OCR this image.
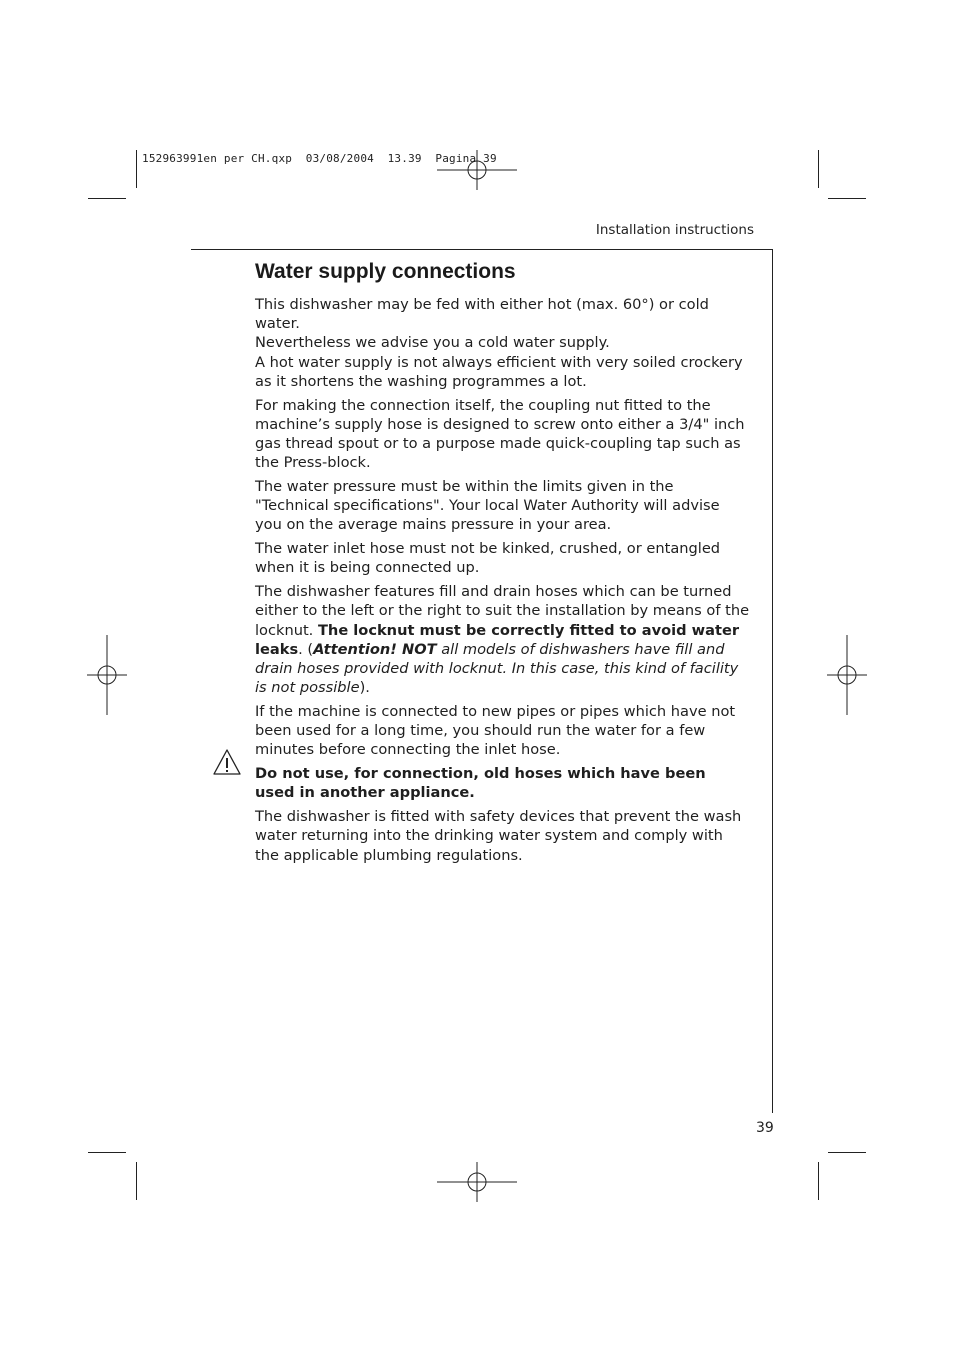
152963991en per CH.qxp  03/08/2004  13.39  Pagina 39
Installation instructions
Water supply connections

This dishwasher may be fed with either hot (max. 60°) or cold water.
Nevertheless we advise you a cold water supply.
A hot water supply is not always efficient with very soiled crockery as it shortens the washing programmes a lot.

For making the connection itself, the coupling nut fitted to the machine’s supply hose is designed to screw onto either a 3/4" inch gas thread spout or to a purpose made quick-coupling tap such as the Press-block.

The water pressure must be within the limits given in the "Technical specifications". Your local Water Authority will advise you on the average mains pressure in your area.

The water inlet hose must not be kinked, crushed, or entangled when it is being connected up.

The dishwasher features fill and drain hoses which can be turned either to the left or the right to suit the installation by means of the locknut. The locknut must be correctly fitted to avoid water leaks. (Attention! NOT all models of dishwashers have fill and drain hoses provided with locknut. In this case, this kind of facility is not possible).

If the machine is connected to new pipes or pipes which have not been used for a long time, you should run the water for a few minutes before connecting the inlet hose.

Do not use, for connection, old hoses which have been used in another appliance.

The dishwasher is fitted with safety devices that prevent the wash water returning into the drinking water system and comply with the applicable plumbing regulations.

39
